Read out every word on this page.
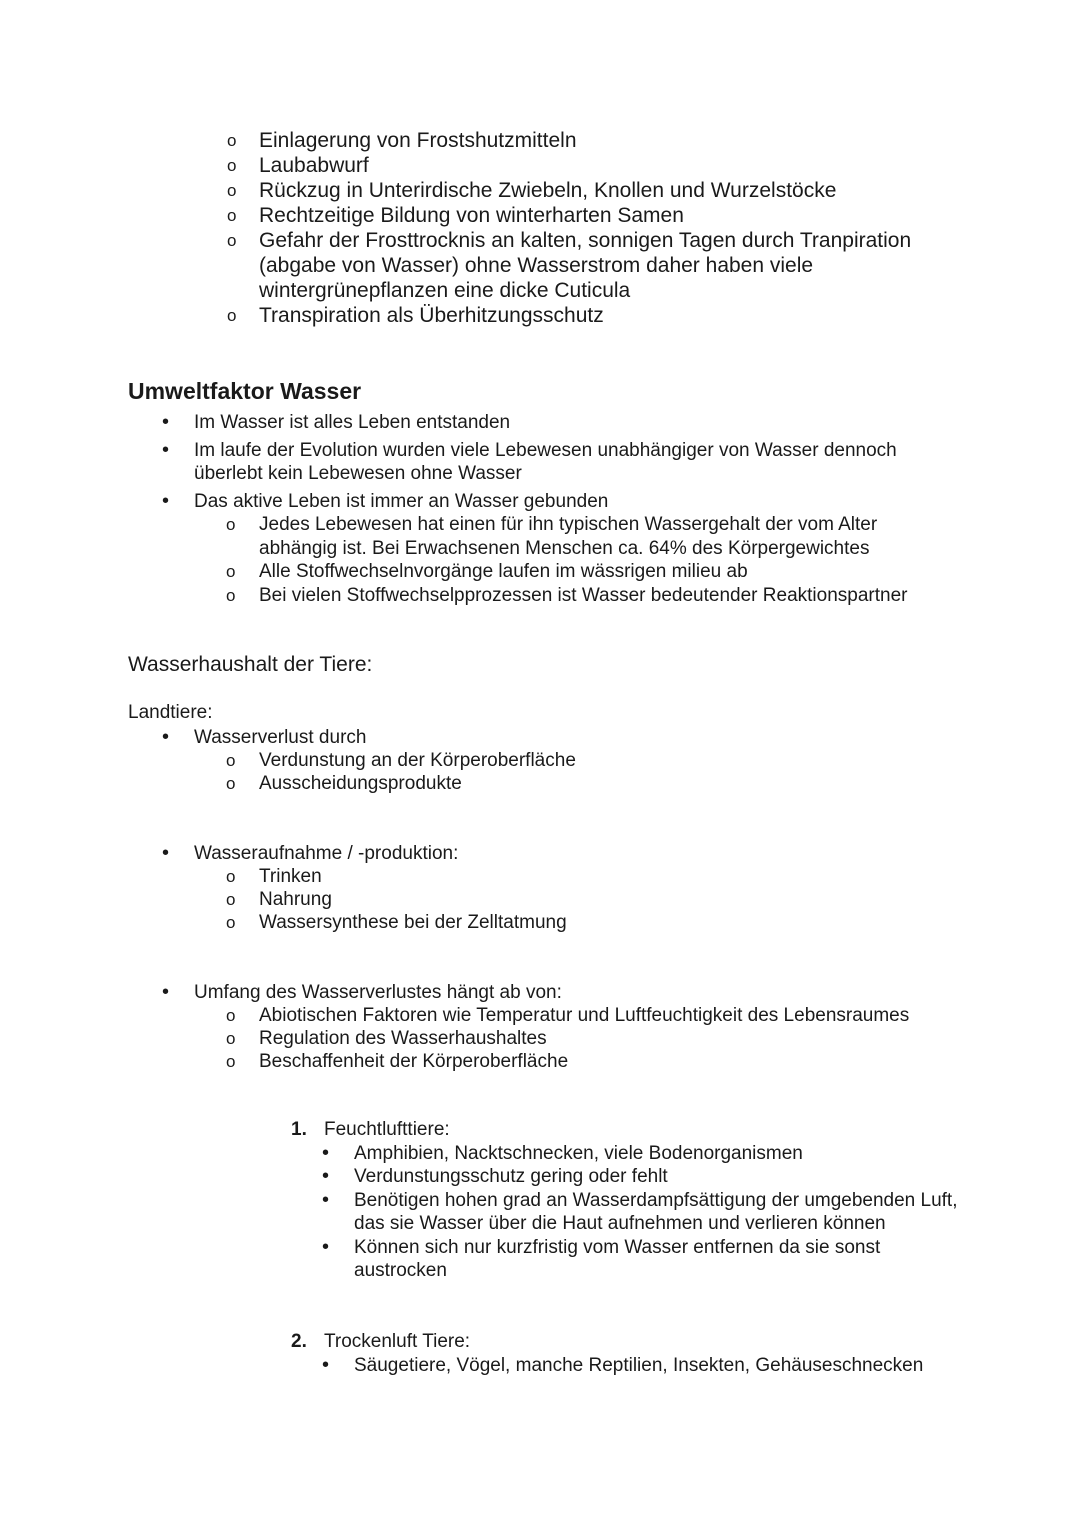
o Einlagerung von Frostshutzmitteln
o Laubabwurf
o Rückzug in Unterirdische Zwiebeln, Knollen und Wurzelstöcke
o Rechtzeitige Bildung von winterharten Samen
o Gefahr der Frosttrocknis an kalten, sonnigen Tagen durch Tranpiration (abgabe von Wasser) ohne Wasserstrom daher haben viele wintergrünepflanzen eine dicke Cuticula
o Transpiration als Überhitzungsschutz
Umweltfaktor Wasser
• Im Wasser ist alles Leben entstanden
• Im laufe der Evolution wurden viele Lebewesen unabhängiger von Wasser dennoch überlebt kein Lebewesen ohne Wasser
• Das aktive Leben ist immer an Wasser gebunden
o Jedes Lebewesen hat einen für ihn typischen Wassergehalt der vom Alter abhängig ist. Bei Erwachsenen Menschen ca. 64% des Körpergewichtes
o Alle Stoffwechselnvorgänge laufen im wässrigen milieu ab
o Bei vielen Stoffwechselpprozessen ist Wasser bedeutender Reaktionspartner
Wasserhaushalt der Tiere:
Landtiere:
• Wasserverlust durch
o Verdunstung an der Körperoberfläche
o Ausscheidungsprodukte
• Wasseraufnahme / -produktion:
o Trinken
o Nahrung
o Wassersynthese bei der Zelltatmung
• Umfang des Wasserverlustes hängt ab von:
o Abiotischen Faktoren wie Temperatur und Luftfeuchtigkeit des Lebensraumes
o Regulation des Wasserhaushaltes
o Beschaffenheit der Körperoberfläche
1. Feuchtlufttiere:
• Amphibien, Nacktschnecken, viele Bodenorganismen
• Verdunstungsschutz gering oder fehlt
• Benötigen hohen grad an Wasserdampfsättigung der umgebenden Luft, das sie Wasser über die Haut aufnehmen und verlieren können
• Können sich nur kurzfristig vom Wasser entfernen da sie sonst austrocken
2. Trockenluft Tiere:
• Säugetiere, Vögel, manche Reptilien, Insekten, Gehäuseschnecken
